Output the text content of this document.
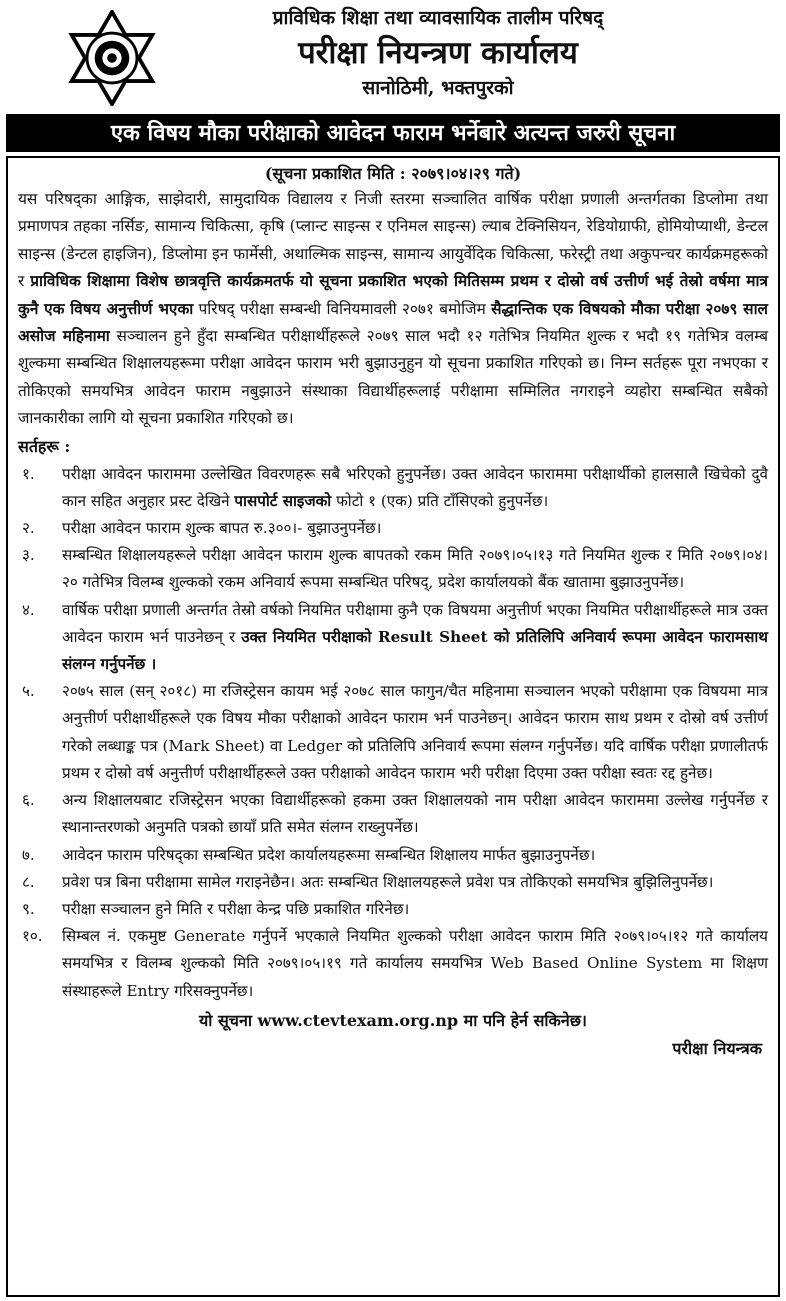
प्राविधिक शिक्षा तथा व्यावसायिक तालीम परिषद्
परीक्षा नियन्त्रण कार्यालय
सानोठिमी, भक्तपुरको
एक विषय मौका परीक्षाको आवेदन फाराम भर्नेबारे अत्यन्त जरुरी सूचना
(सूचना प्रकाशित मिति : २०७९।०४।२९ गते)

यस परिषद्का आङ्गिक, साझेदारी, सामुदायिक विद्यालय र निजी स्तरमा सञ्चालित वार्षिक परीक्षा प्रणाली अन्तर्गतका डिप्लोमा तथा प्रमाणपत्र तहका नर्सिङ, सामान्य चिकित्सा, कृषि (प्लान्ट साइन्स र एनिमल साइन्स) ल्याब टेक्निसियन, रेडियोग्राफी, होमियोप्याथी, डेन्टल साइन्स (डेन्टल हाइजिन), डिप्लोमा इन फार्मेसी, अथाल्मिक साइन्स, सामान्य आयुर्वेदिक चिकित्सा, फरेस्ट्री तथा अकुपन्चर कार्यक्रमहरूको र प्राविधिक शिक्षामा विशेष छात्रवृत्ति कार्यक्रमतर्फ यो सूचना प्रकाशित भएको मितिसम्म प्रथम र दोस्रो वर्ष उत्तीर्ण भई तेस्रो वर्षमा मात्र कुनै एक विषय अनुत्तीर्ण भएका परिषद् परीक्षा सम्बन्धी विनियमावली २०७१ बमोजिम सैद्धान्तिक एक विषयको मौका परीक्षा २०७९ साल असोज महिनामा सञ्चालन हुने हुँदा सम्बन्धित परीक्षार्थीहरूले २०७९ साल भदौ १२ गतेभित्र नियमित शुल्क र भदौ १९ गतेभित्र वलम्ब शुल्कमा सम्बन्धित शिक्षालयहरूमा परीक्षा आवेदन फाराम भरी बुझाउनुहुन यो सूचना प्रकाशित गरिएको छ। निम्न सर्तहरू पूरा नभएका र तोकिएको समयभित्र आवेदन फाराम नबुझाउने संस्थाका विद्यार्थीहरूलाई परीक्षामा सम्मिलित नगराइने व्यहोरा सम्बन्धित सबैको जानकारीका लागि यो सूचना प्रकाशित गरिएको छ।

सर्तहरू :

१.	परीक्षा आवेदन फाराममा उल्लेखित विवरणहरू सबै भरिएको हुनुपर्नेछ। उक्त आवेदन फाराममा परीक्षार्थीको हालसालै खिचेको दुवै कान सहित अनुहार प्रस्ट देखिने पासपोर्ट साइजको फोटो १ (एक) प्रति टाँसिएको हुनुपर्नेछ।
२.	परीक्षा आवेदन फाराम शुल्क बापत रु.३००।- बुझाउनुपर्नेछ।
३.	सम्बन्धित शिक्षालयहरूले परीक्षा आवेदन फाराम शुल्क बापतको रकम मिति २०७९।०५।१३ गते नियमित शुल्क र मिति २०७९।०४।२० गतेभित्र विलम्ब शुल्कको रकम अनिवार्य रूपमा सम्बन्धित परिषद्, प्रदेश कार्यालयको बैंक खातामा बुझाउनुपर्नेछ।
४.	वार्षिक परीक्षा प्रणाली अन्तर्गत तेस्रो वर्षको नियमित परीक्षामा कुनै एक विषयमा अनुत्तीर्ण भएका नियमित परीक्षार्थीहरूले मात्र उक्त आवेदन फाराम भर्न पाउनेछन् र उक्त नियमित परीक्षाको Result Sheet को प्रतिलिपि अनिवार्य रूपमा आवेदन फारामसाथ संलग्न गर्नुपर्नेछ ।
५.	२०७५ साल (सन् २०१८) मा रजिस्ट्रेसन कायम भई २०७८ साल फागुन/चैत महिनामा सञ्चालन भएको परीक्षामा एक विषयमा मात्र अनुत्तीर्ण परीक्षार्थीहरूले एक विषय मौका परीक्षाको आवेदन फाराम भर्न पाउनेछन्। आवेदन फाराम साथ प्रथम र दोस्रो वर्ष उत्तीर्ण गरेको लब्धाङ्क पत्र (Mark Sheet) वा Ledger को प्रतिलिपि अनिवार्य रूपमा संलग्न गर्नुपर्नेछ। यदि वार्षिक परीक्षा प्रणालीतर्फ प्रथम र दोस्रो वर्ष अनुत्तीर्ण परीक्षार्थीहरूले उक्त परीक्षाको आवेदन फाराम भरी परीक्षा दिएमा उक्त परीक्षा स्वतः रद्द हुनेछ।
६.	अन्य शिक्षालयबाट रजिस्ट्रेसन भएका विद्यार्थीहरूको हकमा उक्त शिक्षालयको नाम परीक्षा आवेदन फाराममा उल्लेख गर्नुपर्नेछ र स्थानान्तरणको अनुमति पत्रको छायाँ प्रति समेत संलग्न राख्नुपर्नेछ।
७.	आवेदन फाराम परिषद्का सम्बन्धित प्रदेश कार्यालयहरूमा सम्बन्धित शिक्षालय मार्फत बुझाउनुपर्नेछ।
८.	प्रवेश पत्र बिना परीक्षामा सामेल गराइनेछैन। अतः सम्बन्धित शिक्षालयहरूले प्रवेश पत्र तोकिएको समयभित्र बुझिलिनुपर्नेछ।
९.	परीक्षा सञ्चालन हुने मिति र परीक्षा केन्द्र पछि प्रकाशित गरिनेछ।
१०.	सिम्बल नं. एकमुष्ट Generate गर्नुपर्ने भएकाले नियमित शुल्कको परीक्षा आवेदन फाराम मिति २०७९।०५।१२ गते कार्यालय समयभित्र र विलम्ब शुल्कको मिति २०७९।०५।१९ गते कार्यालय समयभित्र Web Based Online System मा शिक्षण संस्थाहरूले Entry गरिसक्नुपर्नेछ।
यो सूचना www.ctevtexam.org.np मा पनि हेर्न सकिनेछ।
परीक्षा नियन्त्रक
